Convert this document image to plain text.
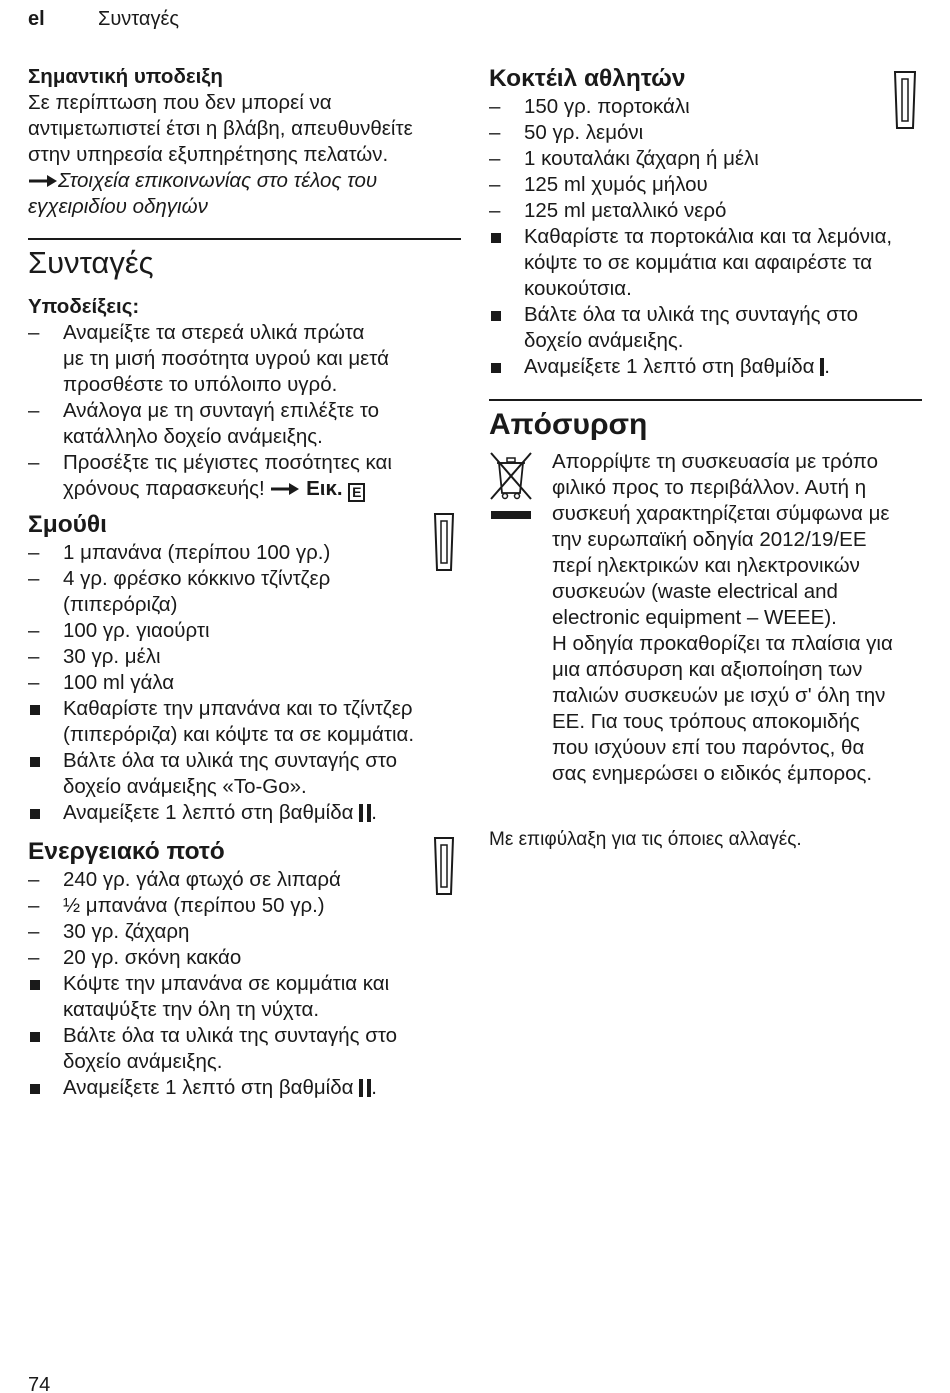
el	Συνταγές
Σημαντική υποδειξη
Σε περίπτωση που δεν μπορεί να
αντιμετωπιστεί έτσι η βλάβη, απευθυνθείτε
στην υπηρεσία εξυπηρέτησης πελατών.
Στοιχεία επικοινωνίας στο τέλος του
εγχειριδίου οδηγιών
Συνταγές
Υποδείξεις:
–	Αναμείξτε τα στερεά υλικά πρώτα
με τη μισή ποσότητα υγρού και μετά
προσθέστε το υπόλοιπο υγρό.
–	Ανάλογα με τη συνταγή επιλέξτε το
κατάλληλο δοχείο ανάμειξης.
–	Προσέξτε τις μέγιστες ποσότητες και
χρόνους παρασκευής! Εικ. E
Σμούθι
–	1 μπανάνα (περίπου 100 γρ.)
–	4 γρ. φρέσκο κόκκινο τζίντζερ
(πιπερόριζα)
–	100 γρ. γιαούρτι
–	30 γρ. μέλι
–	100 ml γάλα
Καθαρίστε την μπανάνα και το τζίντζερ
(πιπερόριζα) και κόψτε τα σε κομμάτια.
Βάλτε όλα τα υλικά της συνταγής στο
δοχείο ανάμειξης «To-Go».
Αναμείξετε 1 λεπτό στη βαθμίδα .
Ενεργειακό ποτό
–	240 γρ. γάλα φτωχό σε λιπαρά
–	½ μπανάνα (περίπου 50 γρ.)
–	30 γρ. ζάχαρη
–	20 γρ. σκόνη κακάο
Κόψτε την μπανάνα σε κομμάτια και
καταψύξτε την όλη τη νύχτα.
Βάλτε όλα τα υλικά της συνταγής στο
δοχείο ανάμειξης.
Αναμείξετε 1 λεπτό στη βαθμίδα .
Κοκτέιλ αθλητών
–	150 γρ. πορτοκάλι
–	50 γρ. λεμόνι
–	1 κουταλάκι ζάχαρη ή μέλι
–	125 ml χυμός μήλου
–	125 ml μεταλλικό νερό
Καθαρίστε τα πορτοκάλια και τα λεμόνια,
κόψτε το σε κομμάτια και αφαιρέστε τα
κουκούτσια.
Βάλτε όλα τα υλικά της συνταγής στο
δοχείο ανάμειξης.
Αναμείξετε 1 λεπτό στη βαθμίδα .
Απόσυρση
Απορρίψτε τη συσκευασία με τρόπο
φιλικό προς το περιβάλλον. Αυτή η
συσκευή χαρακτηρίζεται σύμφωνα με
την ευρωπαϊκή οδηγία 2012/19/ΕΕ
περί ηλεκτρικών και ηλεκτρονικών
συσκευών (waste electrical and
electronic equipment – WEEE).
Η οδηγία προκαθορίζει τα πλαίσια για
μια απόσυρση και αξιοποίηση των
παλιών συσκευών με ισχύ σ' όλη την
ΕΕ. Για τους τρόπους αποκομιδής
που ισχύουν επί του παρόντος, θα
σας ενημερώσει ο ειδικός έμπορος.
Με επιφύλαξη για τις όποιες αλλαγές.
74
